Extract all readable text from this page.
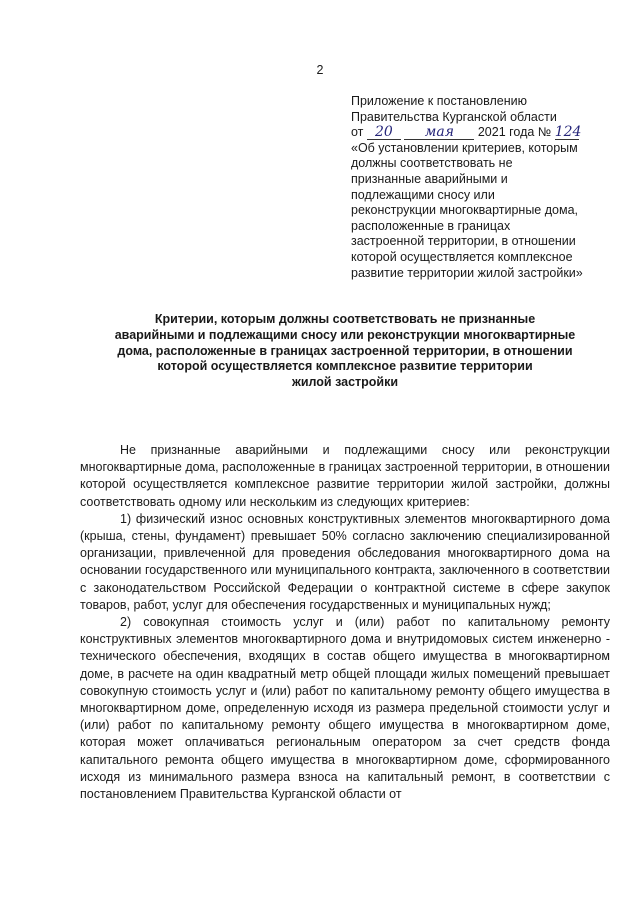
2
Приложение к постановлению
Правительства Курганской области
от 20 мая 2021 года № 124
«Об установлении критериев, которым
должны соответствовать не
признанные аварийными и
подлежащими сносу или
реконструкции многоквартирные дома,
расположенные в границах
застроенной территории, в отношении
которой осуществляется комплексное
развитие территории жилой застройки»
Критерии, которым должны соответствовать не признанные
аварийными и подлежащими сносу или реконструкции многоквартирные
дома, расположенные в границах застроенной территории, в отношении
которой осуществляется комплексное развитие территории
жилой застройки

Не признанные аварийными и подлежащими сносу или реконструкции многоквартирные дома, расположенные в границах застроенной территории, в отношении которой осуществляется комплексное развитие территории жилой застройки, должны соответствовать одному или нескольким из следующих критериев:

1) физический износ основных конструктивных элементов многоквартирного дома (крыша, стены, фундамент) превышает 50% согласно заключению специализированной организации, привлеченной для проведения обследования многоквартирного дома на основании государственного или муниципального контракта, заключенного в соответствии с законодательством Российской Федерации о контрактной системе в сфере закупок товаров, работ, услуг для обеспечения государственных и муниципальных нужд;

2) совокупная стоимость услуг и (или) работ по капитальному ремонту конструктивных элементов многоквартирного дома и внутридомовых систем инженерно - технического обеспечения, входящих в состав общего имущества в многоквартирном доме, в расчете на один квадратный метр общей площади жилых помещений превышает совокупную стоимость услуг и (или) работ по капитальному ремонту общего имущества в многоквартирном доме, определенную исходя из размера предельной стоимости услуг и (или) работ по капитальному ремонту общего имущества в многоквартирном доме, которая может оплачиваться региональным оператором за счет средств фонда капитального ремонта общего имущества в многоквартирном доме, сформированного исходя из минимального размера взноса на капитальный ремонт, в соответствии с постановлением Правительства Курганской области от
